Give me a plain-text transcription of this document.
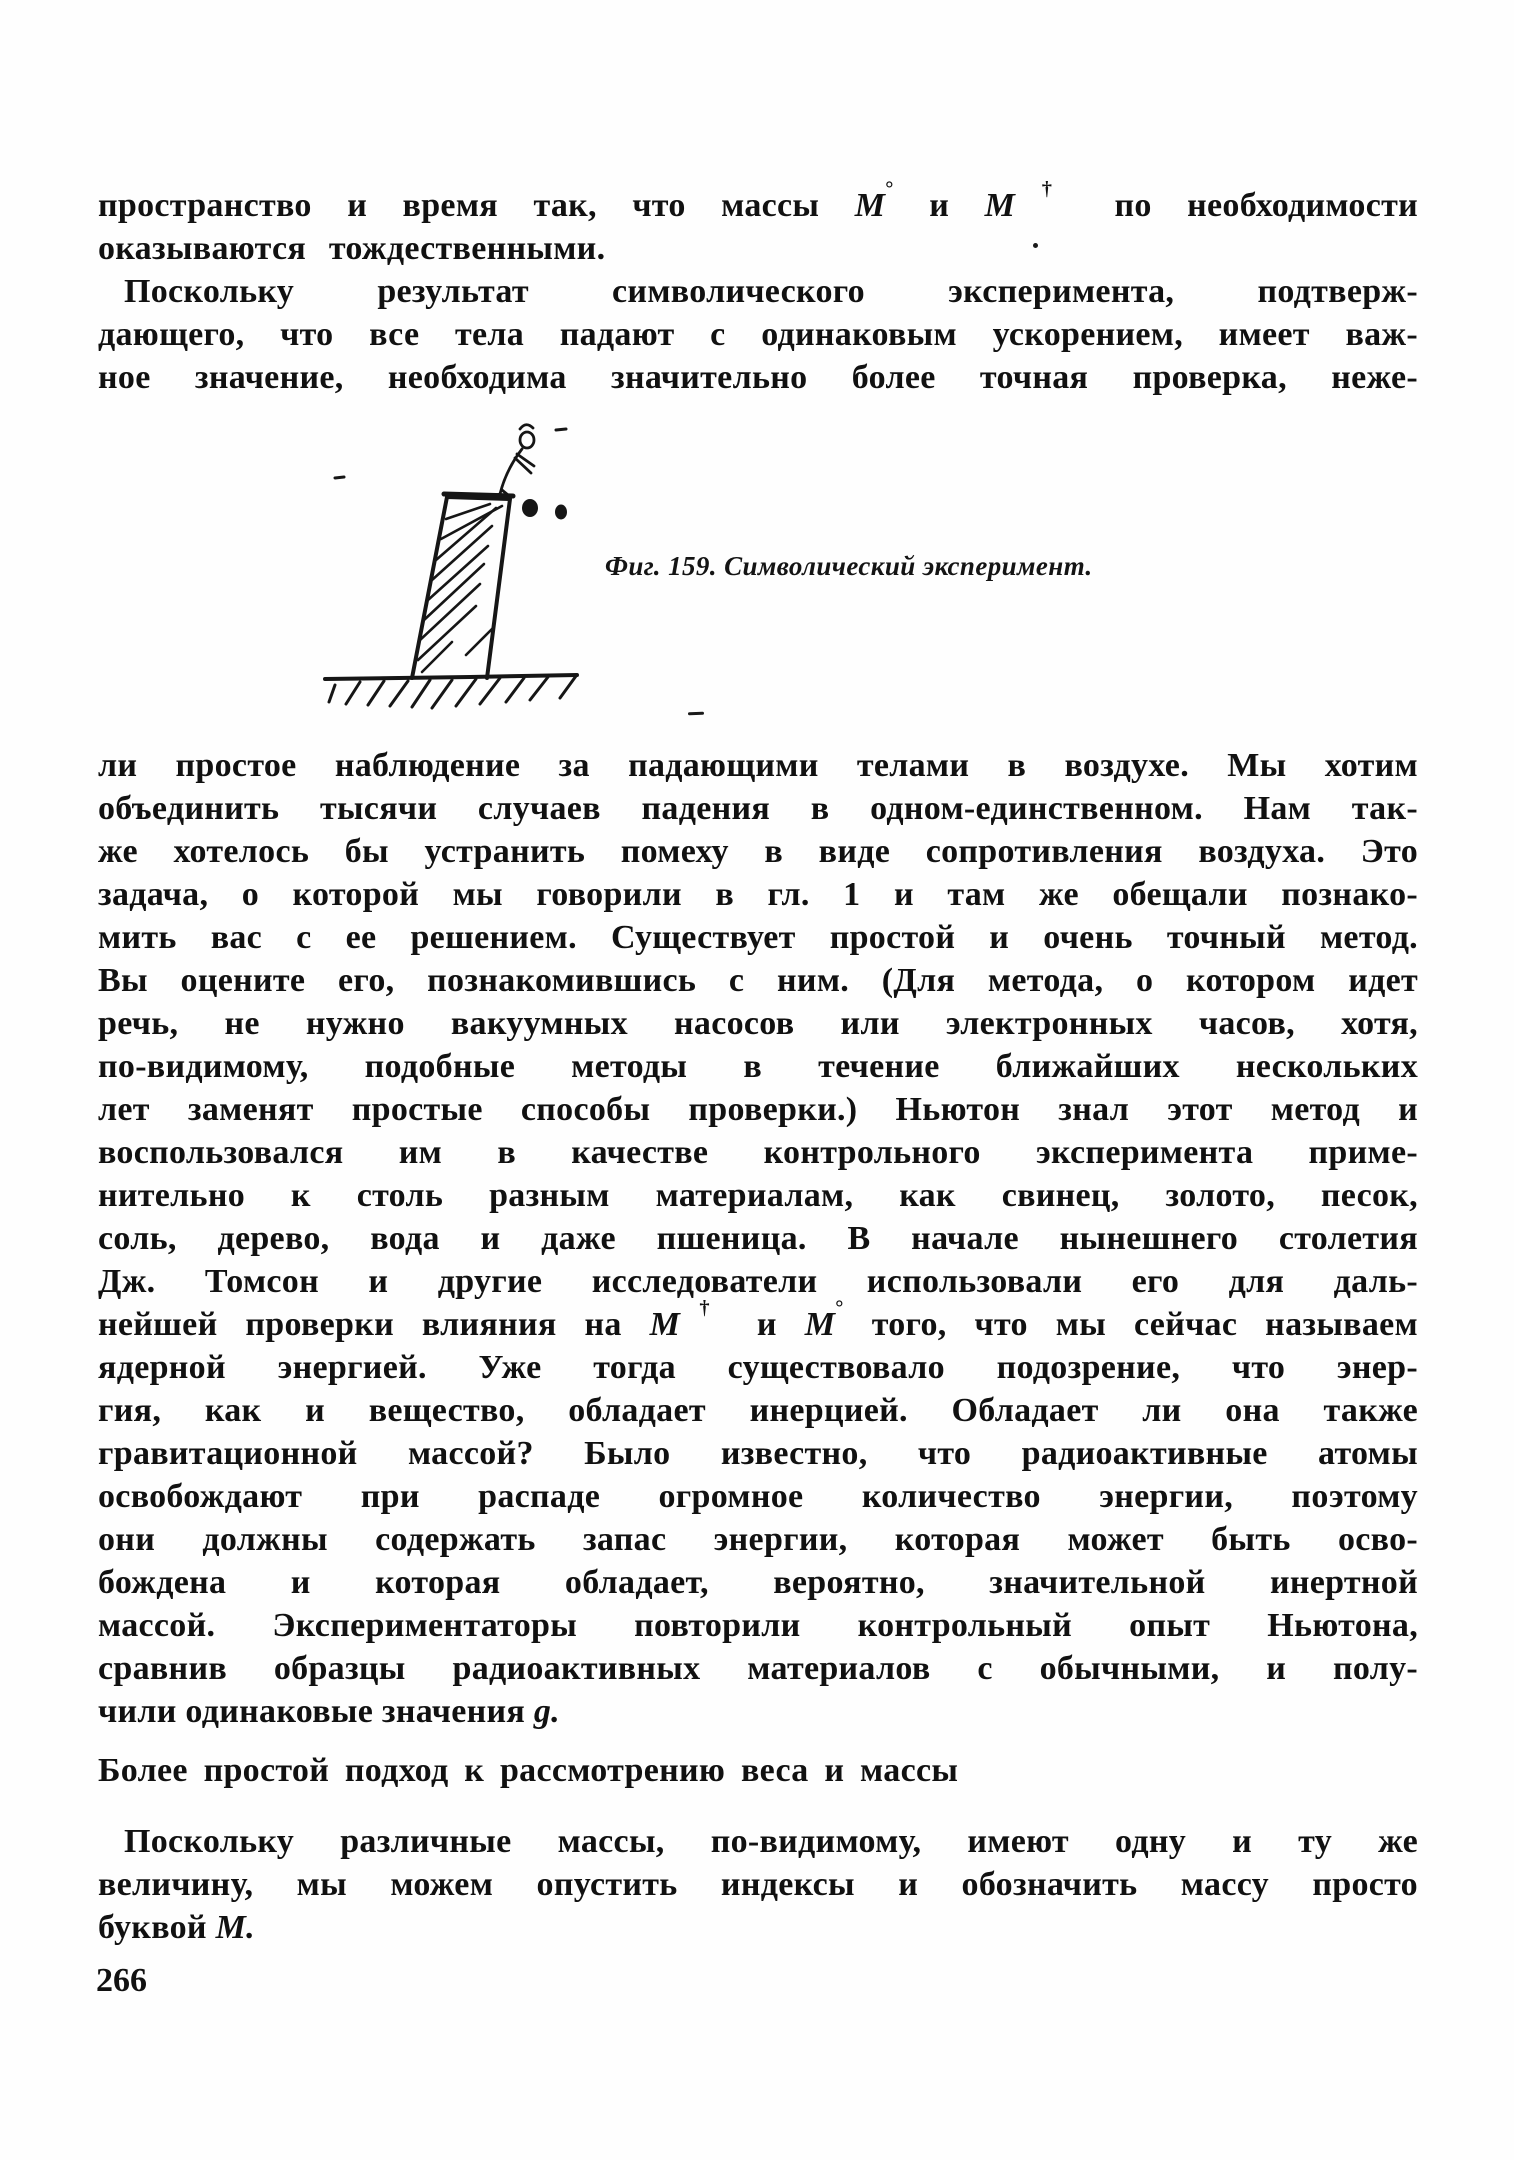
пространство и время так, что массы M° и M† по необходимости
оказываются тождественными.
Поскольку результат символического эксперимента, подтверж-
дающего, что все тела падают с одинаковым ускорением, имеет важ-
ное значение, необходима значительно более точная проверка, неже-
Фиг. 159. Символический эксперимент.
ли простое наблюдение за падающими телами в воздухе. Мы хотим
объединить тысячи случаев падения в одном-единственном. Нам так-
же хотелось бы устранить помеху в виде сопротивления воздуха. Это
задача, о которой мы говорили в гл. 1 и там же обещали познако-
мить вас с ее решением. Существует простой и очень точный метод.
Вы оцените его, познакомившись с ним. (Для метода, о котором идет
речь, не нужно вакуумных насосов или электронных часов, хотя,
по-видимому, подобные методы в течение ближайших нескольких
лет заменят простые способы проверки.) Ньютон знал этот метод и
воспользовался им в качестве контрольного эксперимента приме-
нительно к столь разным материалам, как свинец, золото, песок,
соль, дерево, вода и даже пшеница. В начале нынешнего столетия
Дж. Томсон и другие исследователи использовали его для даль-
нейшей проверки влияния на M† и M° того, что мы сейчас называем
ядерной энергией. Уже тогда существовало подозрение, что энер-
гия, как и вещество, обладает инерцией. Обладает ли она также
гравитационной массой? Было известно, что радиоактивные атомы
освобождают при распаде огромное количество энергии, поэтому
они должны содержать запас энергии, которая может быть осво-
бождена и которая обладает, вероятно, значительной инертной
массой. Экспериментаторы повторили контрольный опыт Ньютона,
сравнив образцы радиоактивных материалов с обычными, и полу-
чили одинаковые значения g.
Более простой подход к рассмотрению веса и массы
Поскольку различные массы, по-видимому, имеют одну и ту же
величину, мы можем опустить индексы и обозначить массу просто
буквой M.
266
